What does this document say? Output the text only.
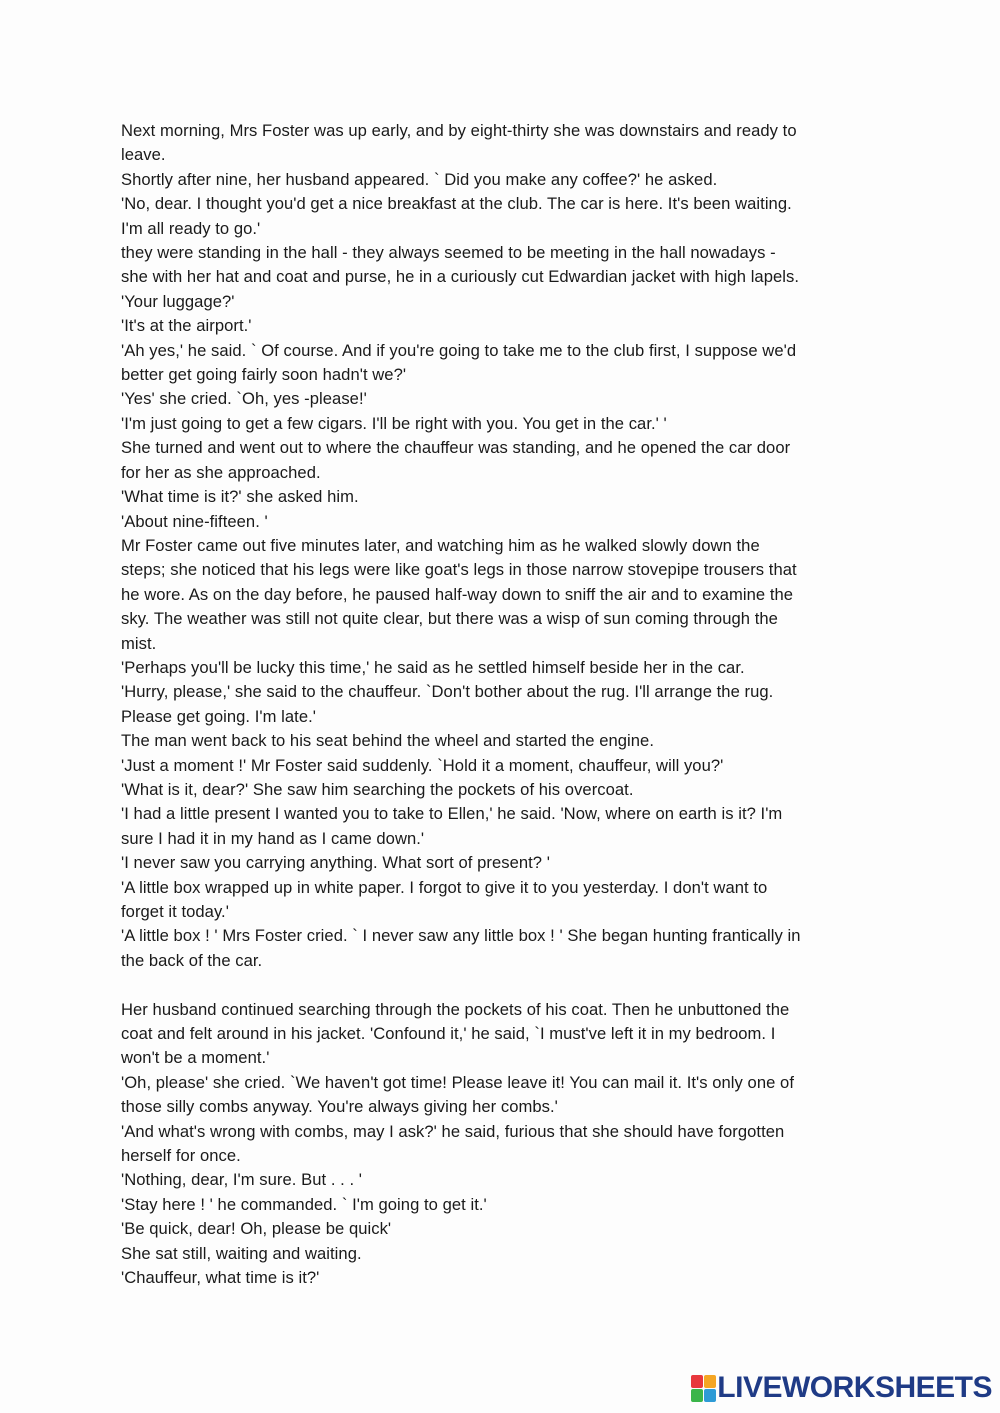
Next morning, Mrs Foster was up early, and by eight-thirty she was downstairs and ready to

leave.

Shortly after nine, her husband appeared. ` Did you make any coffee?' he asked.

'No, dear. I thought you'd get a nice breakfast at the club. The car is here. It's been waiting.

I'm all ready to go.'

they were standing in the hall - they always seemed to be meeting in the hall nowadays -

she with her hat and coat and purse, he in a curiously cut Edwardian jacket with high lapels.

'Your luggage?'

'It's at the airport.'

'Ah yes,' he said. ` Of course. And if you're going to take me to the club first, I suppose we'd

better get going fairly soon hadn't we?'

'Yes' she cried. `Oh, yes -please!'

'I'm just going to get a few cigars. I'll be right with you. You get in the car.' '

She turned and went out to where the chauffeur was standing, and he opened the car door

for her as she approached.

'What time is it?' she asked him.

'About nine-fifteen. '

Mr Foster came out five minutes later, and watching him as he walked slowly down the

steps; she noticed that his legs were like goat's legs in those narrow stovepipe trousers that

he wore. As on the day before, he paused half-way down to sniff the air and to examine the

sky. The weather was still not quite clear, but there was a wisp of sun coming through the

mist.

'Perhaps you'll be lucky this time,' he said as he settled himself beside her in the car.

'Hurry, please,' she said to the chauffeur. `Don't bother about the rug. I'll arrange the rug.

Please get going. I'm late.'

The man went back to his seat behind the wheel and started the engine.

'Just a moment !' Mr Foster said suddenly. `Hold it a moment, chauffeur, will you?'

'What is it, dear?' She saw him searching the pockets of his overcoat.

'I had a little present I wanted you to take to Ellen,' he said. 'Now, where on earth is it? I'm

sure I had it in my hand as I came down.'

'I never saw you carrying anything. What sort of present? '

'A little box wrapped up in white paper. I forgot to give it to you yesterday. I don't want to

forget it today.'

'A little box ! ' Mrs Foster cried. ` I never saw any little box ! ' She began hunting frantically in

the back of the car.

Her husband continued searching through the pockets of his coat. Then he unbuttoned the

coat and felt around in his jacket. 'Confound it,' he said, `I must've left it in my bedroom. I

won't be a moment.'

'Oh, please' she cried. `We haven't got time! Please leave it! You can mail it. It's only one of

those silly combs anyway. You're always giving her combs.'

'And what's wrong with combs, may I ask?' he said, furious that she should have forgotten

herself for once.

'Nothing, dear, I'm sure. But . . . '

'Stay here ! ' he commanded. ` I'm going to get it.'

'Be quick, dear! Oh, please be quick'

She sat still, waiting and waiting.

'Chauffeur, what time is it?'

LIVEWORKSHEETS
